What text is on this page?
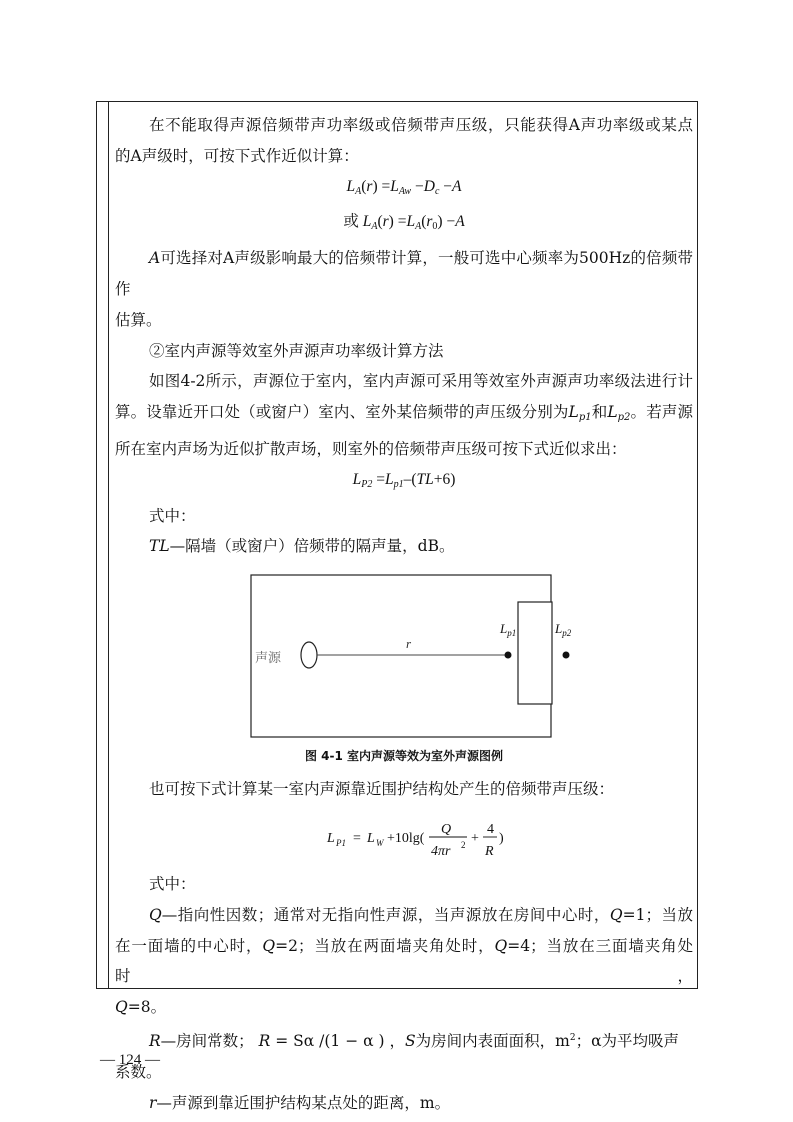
在不能取得声源倍频带声功率级或倍频带声压级，只能获得A声功率级或某点

的A声级时，可按下式作近似计算：

$L_A(r) =L_{Aw} -D_c -A$

或 $L_A(r) =L_A(r_0) -A$

A可选择对A声级影响最大的倍频带计算，一般可选中心频率为500Hz的倍频带作

估算。

②室内声源等效室外声源声功率级计算方法

如图4-2所示，声源位于室内，室内声源可采用等效室外声源声功率级法进行计

算。设靠近开口处（或窗户）室内、室外某倍频带的声压级分别为$L_{p1}$和$L_{p2}$。若声源

所在室内声场为近似扩散声场，则室外的倍频带声压级可按下式近似求出：

$L_{P2} =L_{p1}-(TL+6)$

式中：

TL—隔墙（或窗户）倍频带的隔声量，dB。

声源
r
$L_{p1}$	$L_{p2}$
图 4-1 室内声源等效为室外声源图例

也可按下式计算某一室内声源靠近围护结构处产生的倍频带声压级：

L P1 = L W +10lg(
Q
4πr 2 +
4
R
)

式中：

Q—指向性因数；通常对无指向性声源，当声源放在房间中心时，Q=1；当放

在一面墙的中心时，Q=2；当放在两面墙夹角处时，Q=4；当放在三面墙夹角处时，

Q=8。

R—房间常数； R = Sα /(1 − α ) ，S为房间内表面面积，$m^2$；α为平均吸声系数。

r—声源到靠近围护结构某点处的距离，m。

— 124 —
